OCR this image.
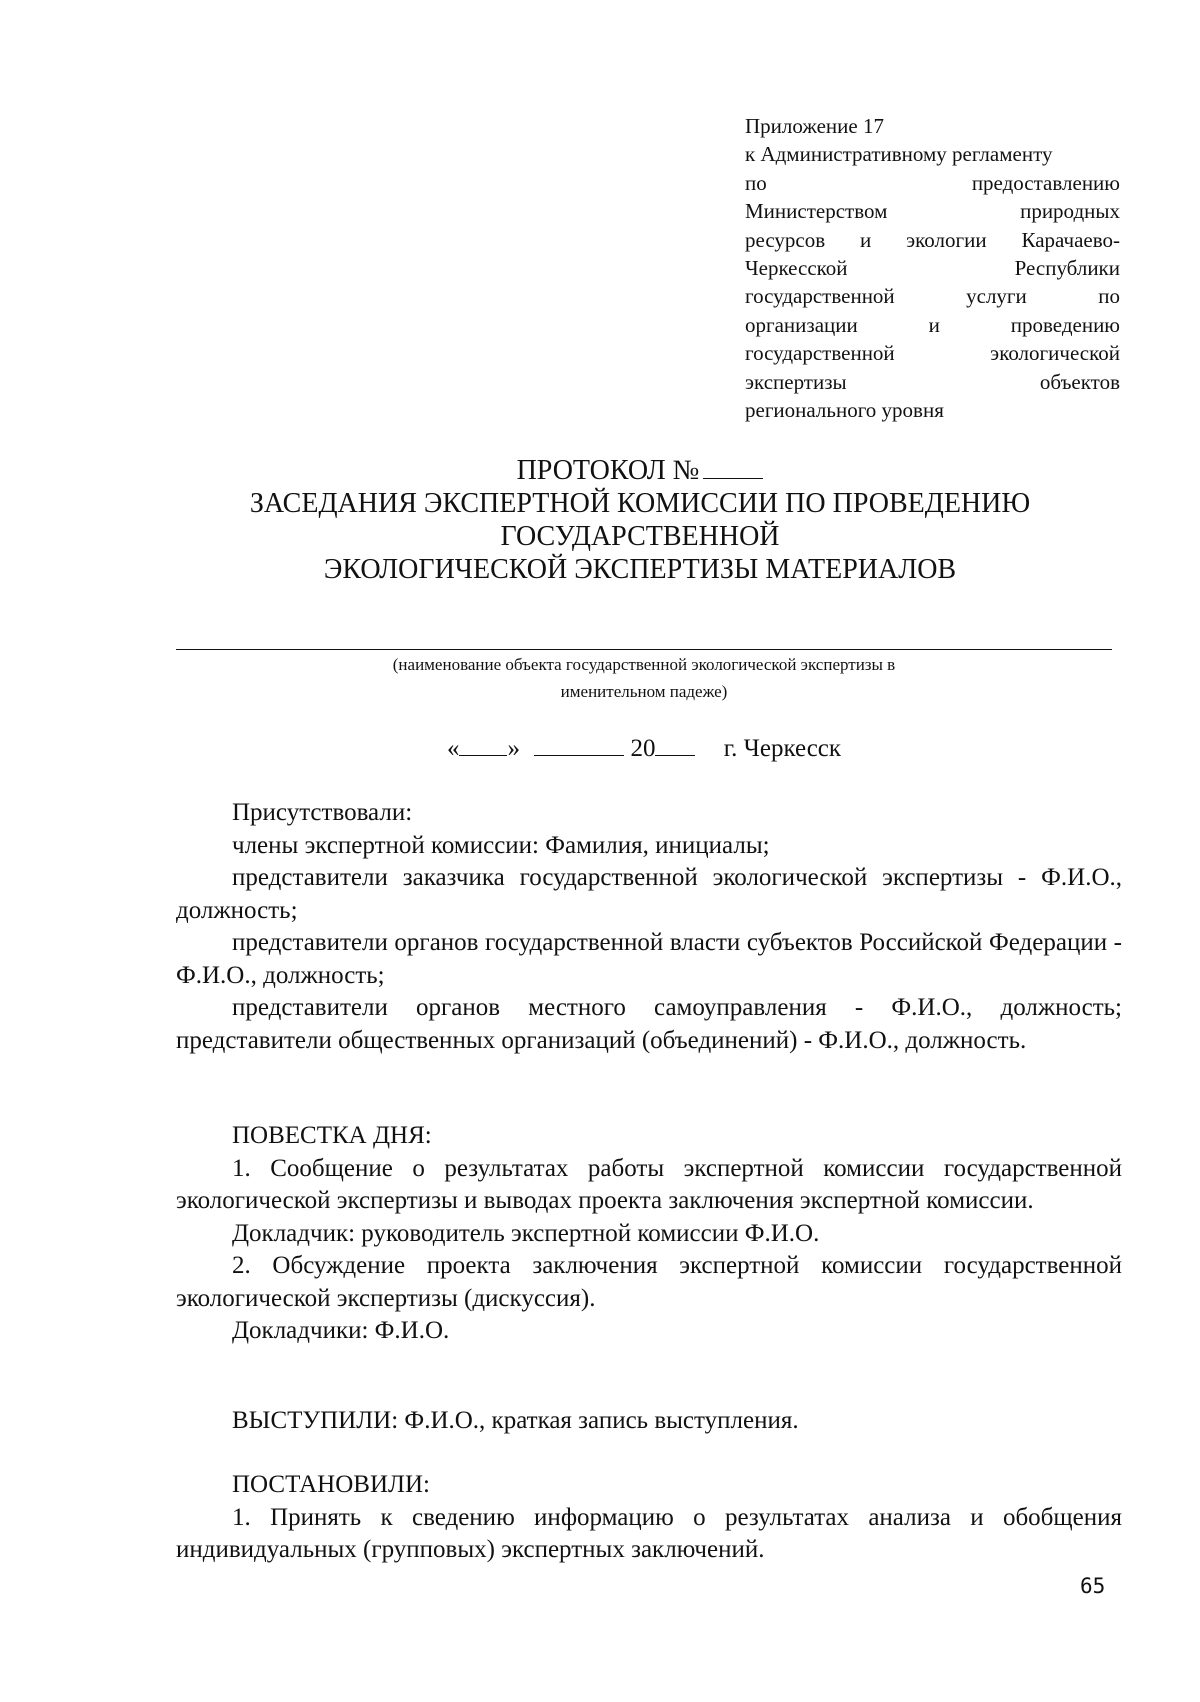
Приложение 17
к Административному регламенту
по предоставлению
Министерством природных
ресурсов и экологии Карачаево-
Черкесской Республики
государственной услуги по
организации и проведению
государственной экологической
экспертизы объектов
регионального уровня
ПРОТОКОЛ №
ЗАСЕДАНИЯ ЭКСПЕРТНОЙ КОМИССИИ ПО ПРОВЕДЕНИЮ
ГОСУДАРСТВЕННОЙ
ЭКОЛОГИЧЕСКОЙ ЭКСПЕРТИЗЫ МАТЕРИАЛОВ
(наименование объекта государственной экологической экспертизы в
именительном падеже)
« »	20	г. Черкесск

Присутствовали:

члены экспертной комиссии: Фамилия, инициалы;

представители заказчика государственной экологической экспертизы - Ф.И.О., должность;

представители органов государственной власти субъектов Российской Федерации - Ф.И.О., должность;

представители органов местного самоуправления - Ф.И.О., должность;

представители общественных организаций (объединений) - Ф.И.О., должность.

ПОВЕСТКА ДНЯ:

1. Сообщение о результатах работы экспертной комиссии государственной экологической экспертизы и выводах проекта заключения экспертной комиссии.

Докладчик: руководитель экспертной комиссии Ф.И.О.

2. Обсуждение проекта заключения экспертной комиссии государственной экологической экспертизы (дискуссия).

Докладчики: Ф.И.О.

ВЫСТУПИЛИ: Ф.И.О., краткая запись выступления.

ПОСТАНОВИЛИ:

1. Принять к сведению информацию о результатах анализа и обобщения индивидуальных (групповых) экспертных заключений.

65
